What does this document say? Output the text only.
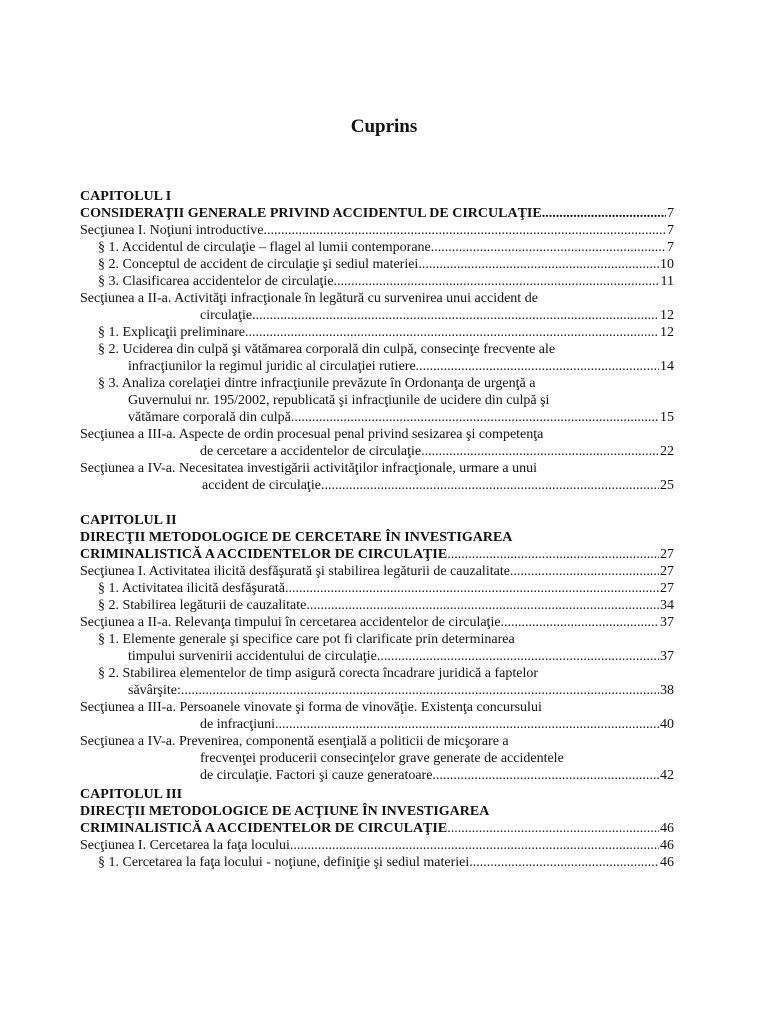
Cuprins
CAPITOLUL I
CONSIDERAŢII GENERALE PRIVIND ACCIDENTUL DE CIRCULAŢIE .....	7
Secţiunea I. Noţiuni introductive .....	7
§ 1. Accidentul de circulaţie – flagel al lumii contemporane .....	7
§ 2. Conceptul de accident de circulaţie şi sediul materiei .....	10
§ 3. Clasificarea accidentelor de circulaţie .....	11
Secţiunea a II-a. Activităţi infracţionale în legătură cu survenirea unui accident de
circulaţie .....	12
§ 1. Explicaţii preliminare .....	12
§ 2. Uciderea din culpă şi vătămarea corporală din culpă, consecinţe frecvente ale
infracţiunilor la regimul juridic al circulaţiei rutiere .....	14
§ 3. Analiza corelaţiei dintre infracţiunile prevăzute în Ordonanţa de urgenţă a
Guvernului nr. 195/2002, republicată şi infracţiunile de ucidere din culpă şi
vătămare corporală din culpă .....	15
Secţiunea a III-a. Aspecte de ordin procesual penal privind sesizarea şi competenţa
de cercetare a accidentelor de circulaţie .....	22
Secţiunea a IV-a. Necesitatea investigării activităţilor infracţionale, urmare a unui
accident de circulaţie .....	25
CAPITOLUL II
DIRECŢII METODOLOGICE DE CERCETARE ÎN INVESTIGAREA
CRIMINALISTICĂ A ACCIDENTELOR DE CIRCULAŢIE .....	27
Secţiunea I. Activitatea ilicită desfăşurată şi stabilirea legăturii de cauzalitate .....	27
§ 1. Activitatea ilicită desfăşurată .....	27
§ 2. Stabilirea legăturii de cauzalitate .....	34
Secţiunea a II-a. Relevanţa timpului în cercetarea accidentelor de circulaţie .....	37
§ 1. Elemente generale şi specifice care pot fi clarificate prin determinarea
timpului survenirii accidentului de circulaţie .....	37
§ 2. Stabilirea elementelor de timp asigură corecta încadrare juridică a faptelor
săvârşite: .....	38
Secţiunea a III-a. Persoanele vinovate şi forma de vinovăţie. Existenţa concursului
de infracţiuni .....	40
Secţiunea a IV-a. Prevenirea, componentă esenţială a politicii de micşorare a
frecvenţei producerii consecinţelor grave generate de accidentele
de circulaţie. Factori şi cauze generatoare .....	42
CAPITOLUL III
DIRECŢII METODOLOGICE DE ACŢIUNE ÎN INVESTIGAREA
CRIMINALISTICĂ A ACCIDENTELOR DE CIRCULAŢIE .....	46
Secţiunea I. Cercetarea la faţa locului .....	46
§ 1. Cercetarea la faţa locului - noţiune, definiţie şi sediul materiei .....	46
